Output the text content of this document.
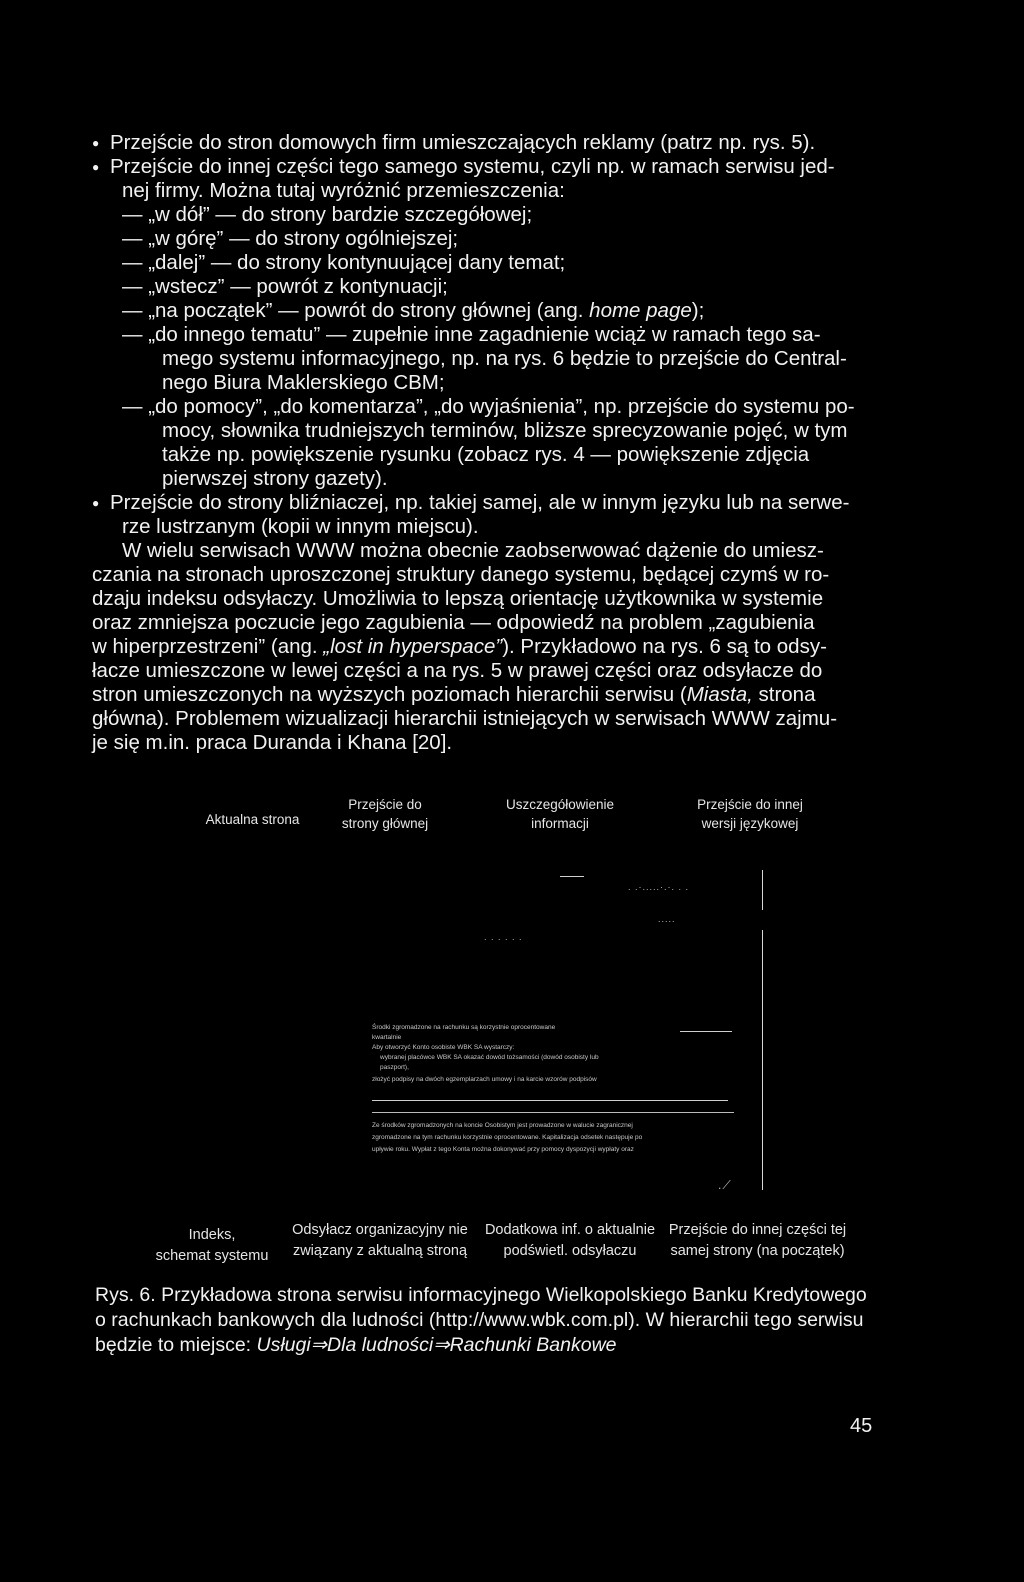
●Przejście do stron domowych firm umieszczających reklamy (patrz np. rys. 5).
●Przejście do innej części tego samego systemu, czyli np. w ramach serwisu jed-
nej firmy. Można tutaj wyróżnić przemieszczenia:
— „w dół” — do strony bardzie szczegółowej;
— „w górę” — do strony ogólniejszej;
— „dalej” — do strony kontynuującej dany temat;
— „wstecz” — powrót z kontynuacji;
— „na początek” — powrót do strony głównej (ang. home page);
— „do innego tematu” — zupełnie inne zagadnienie wciąż w ramach tego sa-
mego systemu informacyjnego, np. na rys. 6 będzie to przejście do Central-
nego Biura Maklerskiego CBM;
— „do pomocy”, „do komentarza”, „do wyjaśnienia”, np. przejście do systemu po-
mocy, słownika trudniejszych terminów, bliższe sprecyzowanie pojęć, w tym
także np. powiększenie rysunku (zobacz rys. 4 — powiększenie zdjęcia
pierwszej strony gazety).
●Przejście do strony bliźniaczej, np. takiej samej, ale w innym języku lub na serwe-
rze lustrzanym (kopii w innym miejscu).
W wielu serwisach WWW można obecnie zaobserwować dążenie do umiesz-
czania na stronach uproszczonej struktury danego systemu, będącej czymś w ro-
dzaju indeksu odsyłaczy. Umożliwia to lepszą orientację użytkownika w systemie
oraz zmniejsza poczucie jego zagubienia — odpowiedź na problem „zagubienia
w hiperprzestrzeni” (ang. „lost in hyperspace”). Przykładowo na rys. 6 są to odsy-
łacze umieszczone w lewej części a na rys. 5 w prawej części oraz odsyłacze do
stron umieszczonych na wyższych poziomach hierarchii serwisu (Miasta, strona
główna). Problemem wizualizacji hierarchii istniejących w serwisach WWW zajmu-
je się m.in. praca Duranda i Khana [20].
Aktualna strona
Przejście do
strony głównej
Uszczegółowienie
informacji
Przejście do innej
wersji językowej
. .·.....·.·. . .
.....
. . . . . .
Środki zgromadzone na rachunku są korzystnie oprocentowane
kwartalnie
Aby otworzyć Konto osobiste WBK SA wystarczy:
wybranej placówce WBK SA okazać dowód tożsamości (dowód osobisty lub
paszport),
złożyć podpisy na dwóch egzemplarzach umowy i na karcie wzorów podpisów
Ze środków zgromadzonych na koncie Osobistym jest prowadzone w walucie zagranicznej
zgromadzone na tym rachunku korzystnie oprocentowane. Kapitalizacja odsetek następuje po
upływie roku. Wypłat z tego Konta można dokonywać przy pomocy dyspozycji wypłaty oraz
.⟋
Indeks,
schemat systemu
Odsyłacz organizacyjny nie
związany z aktualną stroną
Dodatkowa inf. o aktualnie
podświetl. odsyłaczu
Przejście do innej części tej
samej strony (na początek)
Rys. 6. Przykładowa strona serwisu informacyjnego Wielkopolskiego Banku Kredytowego
o rachunkach bankowych dla ludności (http://www.wbk.com.pl). W hierarchii tego serwisu
będzie to miejsce: Usługi⇒Dla ludności⇒Rachunki Bankowe
45
